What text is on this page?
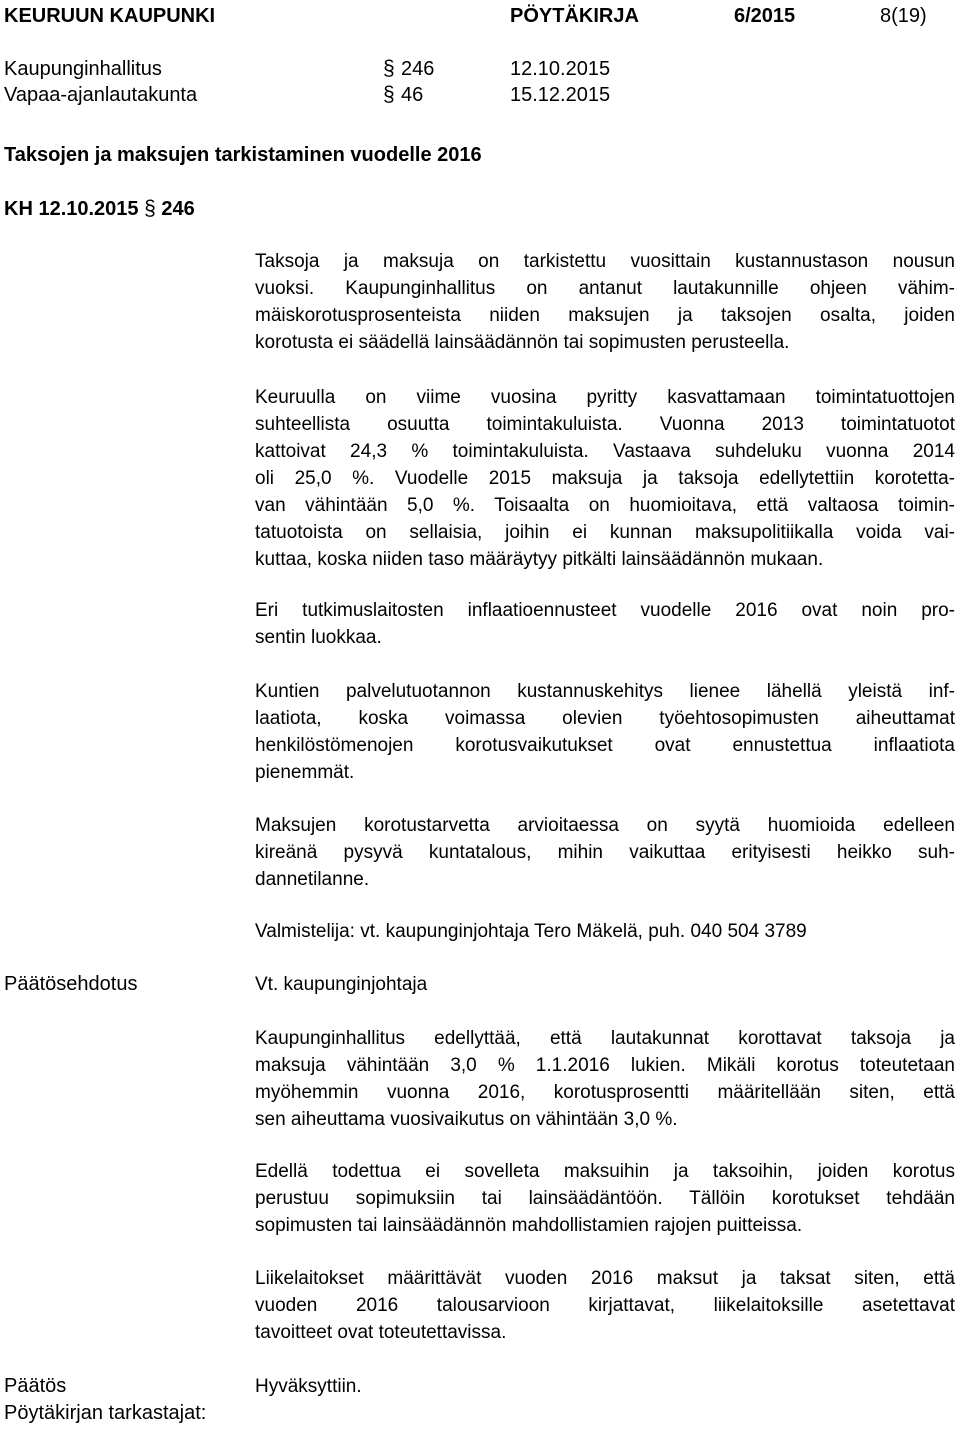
KEURUUN KAUPUNKI	PÖYTÄKIRJA	6/2015	8(19)
Kaupunginhallitus	§ 246	12.10.2015
Vapaa-ajanlautakunta	§ 46	15.12.2015
Taksojen ja maksujen tarkistaminen vuodelle 2016
KH 12.10.2015 § 246
Taksoja ja maksuja on tarkistettu vuosittain kustannustason nousun
vuoksi. Kaupunginhallitus on antanut lautakunnille ohjeen vähim-
mäiskorotusprosenteista niiden maksujen ja taksojen osalta, joiden
korotusta ei säädellä lainsäädännön tai sopimusten perusteella.
Keuruulla on viime vuosina pyritty kasvattamaan toimintatuottojen
suhteellista osuutta toimintakuluista. Vuonna 2013 toimintatuotot
kattoivat 24,3 % toimintakuluista. Vastaava suhdeluku vuonna 2014
oli 25,0 %. Vuodelle 2015 maksuja ja taksoja edellytettiin korotetta-
van vähintään 5,0 %. Toisaalta on huomioitava, että valtaosa toimin-
tatuotoista on sellaisia, joihin ei kunnan maksupolitiikalla voida vai-
kuttaa, koska niiden taso määräytyy pitkälti lainsäädännön mukaan.
Eri tutkimuslaitosten inflaatioennusteet vuodelle 2016 ovat noin pro-
sentin luokkaa.
Kuntien palvelutuotannon kustannuskehitys lienee lähellä yleistä inf-
laatiota, koska voimassa olevien työehtosopimusten aiheuttamat
henkilöstömenojen korotusvaikutukset ovat ennustettua inflaatiota
pienemmät.
Maksujen korotustarvetta arvioitaessa on syytä huomioida edelleen
kireänä pysyvä kuntatalous, mihin vaikuttaa erityisesti heikko suh-
dannetilanne.
Valmistelija: vt. kaupunginjohtaja Tero Mäkelä, puh. 040 504 3789
Päätösehdotus	Vt. kaupunginjohtaja
Kaupunginhallitus edellyttää, että lautakunnat korottavat taksoja ja
maksuja vähintään 3,0 % 1.1.2016 lukien. Mikäli korotus toteutetaan
myöhemmin vuonna 2016, korotusprosentti määritellään siten, että
sen aiheuttama vuosivaikutus on vähintään 3,0 %.
Edellä todettua ei sovelleta maksuihin ja taksoihin, joiden korotus
perustuu sopimuksiin tai lainsäädäntöön. Tällöin korotukset tehdään
sopimusten tai lainsäädännön mahdollistamien rajojen puitteissa.
Liikelaitokset määrittävät vuoden 2016 maksut ja taksat siten, että
vuoden 2016 talousarvioon kirjattavat, liikelaitoksille asetettavat
tavoitteet ovat toteutettavissa.
Päätös	Hyväksyttiin.
Pöytäkirjan tarkastajat:
